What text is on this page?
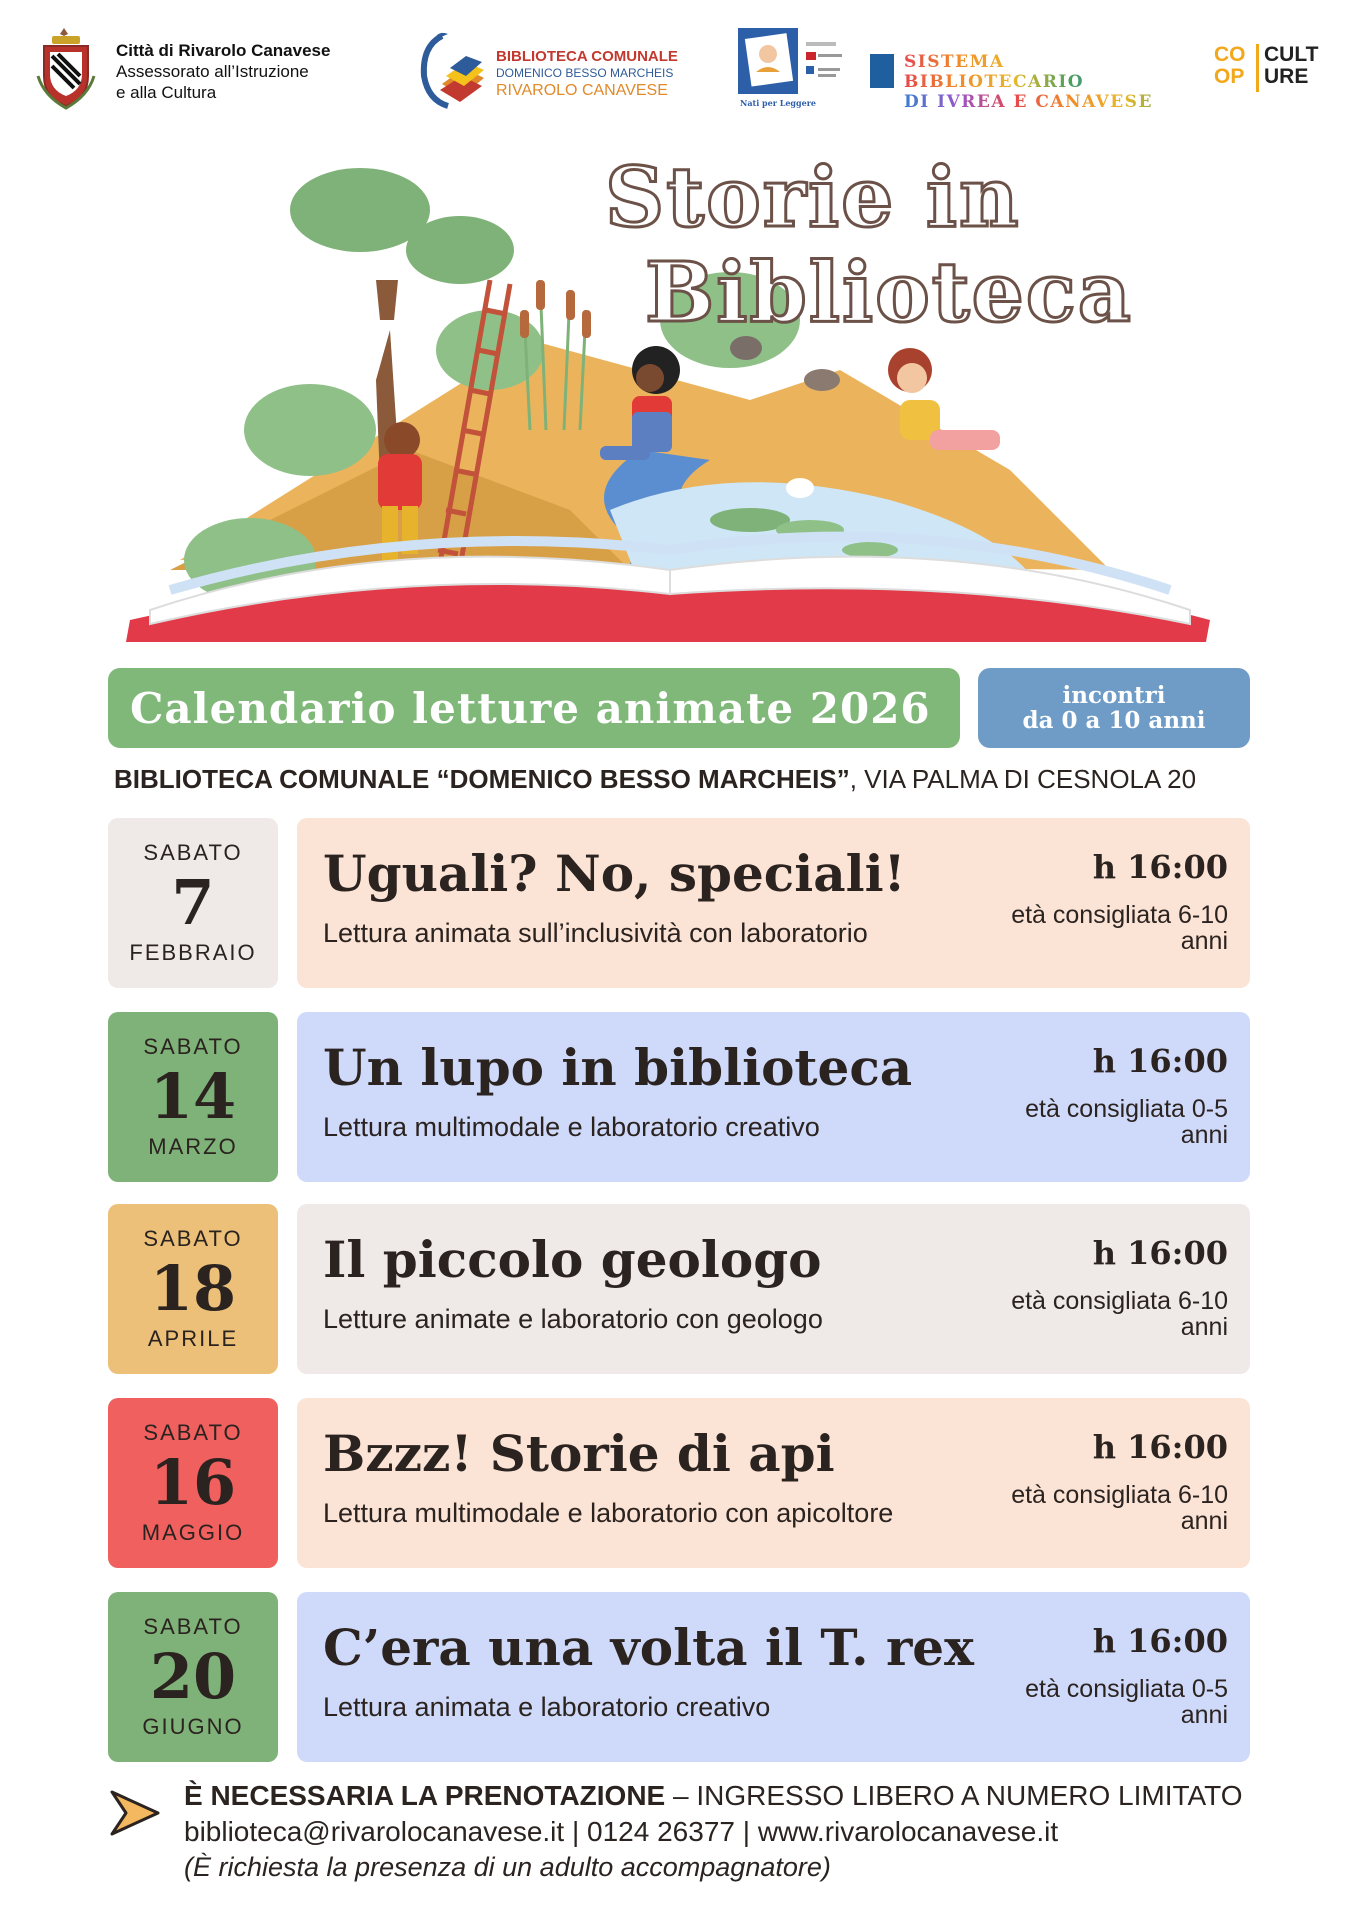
Città di Rivarolo Canavese
Assessorato all’Istruzione
e alla Cultura
BIBLIOTECA COMUNALE
DOMENICO BESSO MARCHEIS
RIVAROLO CANAVESE
Nati per Leggere
SISTEMA BIBLIOTECARIO
DI IVREA E CANAVESE
CO
OP
CULT
URE
Storie in
Biblioteca
Calendario letture animate 2026	incontri
da 0 a 10 anni
BIBLIOTECA COMUNALE “DOMENICO BESSO MARCHEIS”, VIA PALMA DI CESNOLA 20
SABATO
7
FEBBRAIO
Uguali? No, speciali!
Lettura animata sull’inclusività con laboratorio
h 16:00
età consigliata 6-10 anni
SABATO
14
MARZO
Un lupo in biblioteca
Lettura multimodale e laboratorio creativo
h 16:00
età consigliata 0-5 anni
SABATO
18
APRILE
Il piccolo geologo
Letture animate e laboratorio con geologo
h 16:00
età consigliata 6-10 anni
SABATO
16
MAGGIO
Bzzz! Storie di api
Lettura multimodale e laboratorio con apicoltore
h 16:00
età consigliata 6-10 anni
SABATO
20
GIUGNO
C’era una volta il T. rex
Lettura animata e laboratorio creativo
h 16:00
età consigliata 0-5 anni
È NECESSARIA LA PRENOTAZIONE – INGRESSO LIBERO A NUMERO LIMITATO
biblioteca@rivarolocanavese.it | 0124 26377 | www.rivarolocanavese.it
(È richiesta la presenza di un adulto accompagnatore)
